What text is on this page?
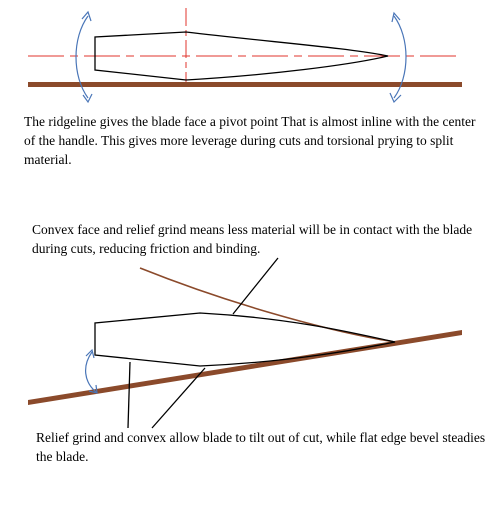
The ridgeline gives the blade face a pivot point That is almost inline with the center of the handle. This gives more leverage during cuts and torsional prying to split material.

Convex face and relief grind means less material will be in contact with the blade during cuts, reducing friction and binding.

Relief grind and convex allow blade to tilt out of cut, while flat edge bevel steadies the blade.
